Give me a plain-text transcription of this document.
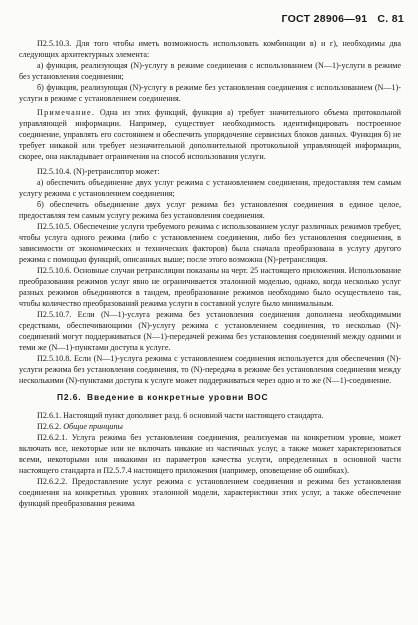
ГОСТ 28906—91 С. 81

П2.5.10.3. Для того чтобы иметь возможность использовать комбинации в) и г), необходимы два следующих архитектурных элемента:

а) функция, реализующая (N)-услугу в режиме соединения с использованием (N—1)-услуги в режиме без установления соединения;

б) функция, реализующая (N)-услугу в режиме без установления соединения с использованием (N—1)-услуги в режиме с установлением соединения.

Примечание. Одна из этих функций, функция а) требует значительного объема протокольной управляющей информации. Например, существует необходимость идентифицировать построенное соединение, управлять его состоянием и обеспечить упорядочение сервисных блоков данных. Функция б) не требует никакой или требует незначительной дополнительной протокольной управляющей информации, скорее, она накладывает ограничения на способ использования услуги.

П2.5.10.4. (N)-ретранслятор может:

а) обеспечить объединение двух услуг режима с установлением соединения, предоставляя тем самым услугу режима с установлением соединения;

б) обеспечить объединение двух услуг режима без установления соединения в единое целое, предоставляя тем самым услугу режима без установления соединения.

П2.5.10.5. Обеспечение услуги требуемого режима с использованием услуг различных режимов требует, чтобы услуга одного режима (либо с установлением соединения, либо без установления соединения, в зависимости от экономических и технических факторов) была сначала преобразована в услугу другого режима с помощью функций, описанных выше; после этого возможна (N)-ретрансляция.

П2.5.10.6. Основные случаи ретрансляции показаны на черт. 25 настоящего приложения. Использование преобразования режимов услуг явно не ограничивается эталонной моделью, однако, когда несколько услуг разных режимов объединяются в тандем, преобразование режимов необходимо было осуществлено так, чтобы количество преобразований режима услуги в составной услуге было минимальным.

П2.5.10.7. Если (N—1)-услуга режима без установления соединения дополнена необходимыми средствами, обеспечивающими (N)-услугу режима с установлением соединения, то несколько (N)-соединений могут поддерживаться (N—1)-передачей режима без установления соединений между одними и теми же (N—1)-пунктами доступа к услуге.

П2.5.10.8. Если (N—1)-услуга режима с установлением соединения используется для обеспечения (N)-услуги режима без установления соединения, то (N)-передача в режиме без установления соединения между несколькими (N)-пунктами доступа к услуге может поддерживаться через одно и то же (N—1)-соединение.

П2.6. Введение в конкретные уровни ВОС

П2.6.1. Настоящий пункт дополняет разд. 6 основной части настоящего стандарта.

П2.6.2. Общие принципы

П2.6.2.1. Услуга режима без установления соединения, реализуемая на конкретном уровне, может включать все, некоторые или не включать никакие из частичных услуг, а также может характеризоваться всеми, некоторыми или никакими из параметров качества услуги, определенных в основной части настоящего стандарта и П2.5.7.4 настоящего приложения (например, оповещение об ошибках).

П2.6.2.2. Предоставление услуг режима с установлением соединения и режима без установления соединения на конкретных уровнях эталонной модели, характеристики этих услуг, а также обеспечение функций преобразования режима
